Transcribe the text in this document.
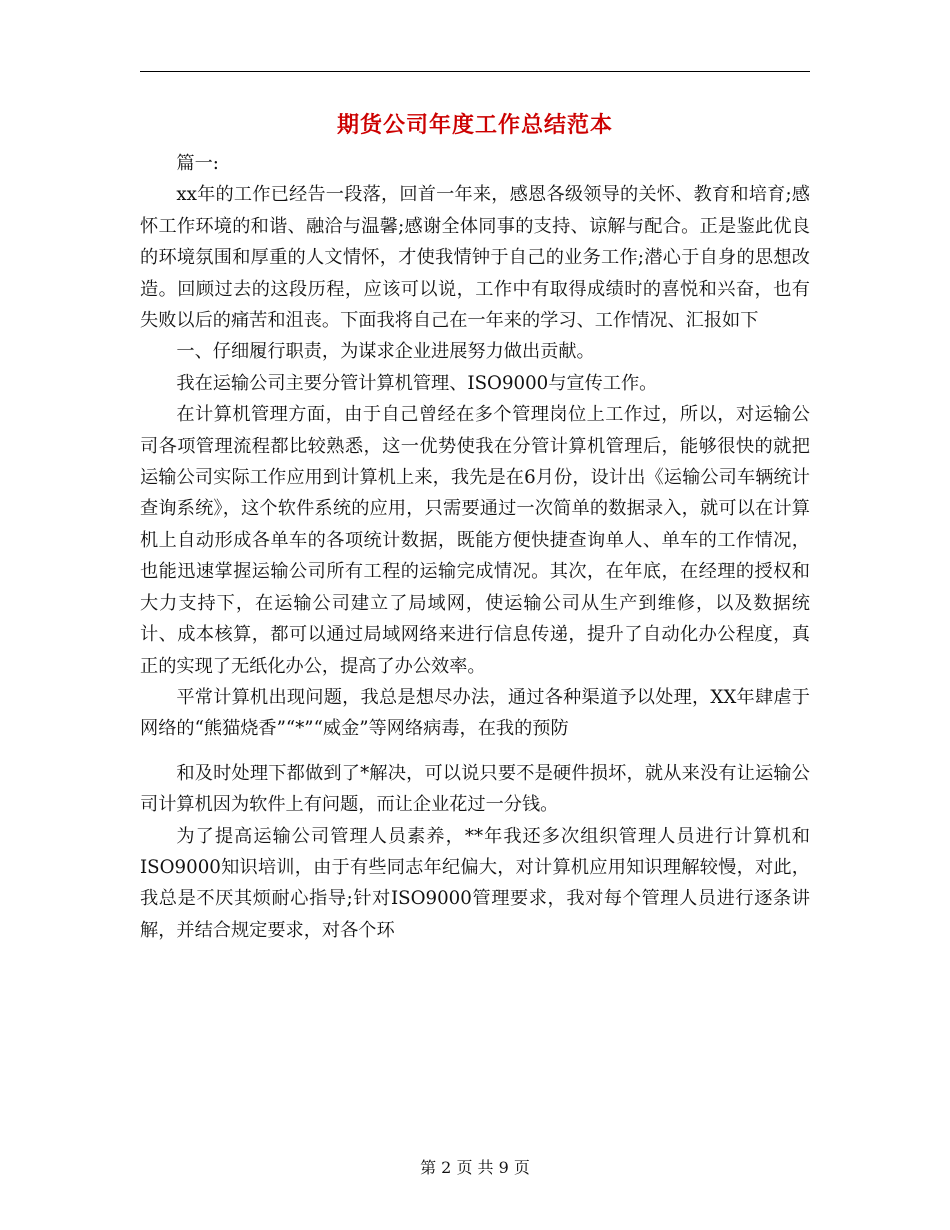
期货公司年度工作总结范本

篇一:

xx年的工作已经告一段落，回首一年来，感恩各级领导的关怀、教育和培育;感怀工作环境的和谐、融洽与温馨;感谢全体同事的支持、谅解与配合。正是鉴此优良的环境氛围和厚重的人文情怀，才使我情钟于自己的业务工作;潜心于自身的思想改造。回顾过去的这段历程，应该可以说，工作中有取得成绩时的喜悦和兴奋，也有失败以后的痛苦和沮丧。下面我将自己在一年来的学习、工作情况、汇报如下

一、仔细履行职责，为谋求企业进展努力做出贡献。

我在运输公司主要分管计算机管理、ISO9000与宣传工作。

在计算机管理方面，由于自己曾经在多个管理岗位上工作过，所以，对运输公司各项管理流程都比较熟悉，这一优势使我在分管计算机管理后，能够很快的就把运输公司实际工作应用到计算机上来，我先是在6月份，设计出《运输公司车辆统计查询系统》，这个软件系统的应用，只需要通过一次简单的数据录入，就可以在计算机上自动形成各单车的各项统计数据，既能方便快捷查询单人、单车的工作情况，也能迅速掌握运输公司所有工程的运输完成情况。其次，在年底，在经理的授权和大力支持下，在运输公司建立了局域网，使运输公司从生产到维修，以及数据统计、成本核算，都可以通过局域网络来进行信息传递，提升了自动化办公程度，真正的实现了无纸化办公，提高了办公效率。

平常计算机出现问题，我总是想尽办法，通过各种渠道予以处理，XX年肆虐于网络的“熊猫烧香”“*”“威金”等网络病毒，在我的预防

和及时处理下都做到了*解决，可以说只要不是硬件损坏，就从来没有让运输公司计算机因为软件上有问题，而让企业花过一分钱。

为了提高运输公司管理人员素养，**年我还多次组织管理人员进行计算机和ISO9000知识培训，由于有些同志年纪偏大，对计算机应用知识理解较慢，对此，我总是不厌其烦耐心指导;针对ISO9000管理要求，我对每个管理人员进行逐条讲解，并结合规定要求，对各个环

第 2 页 共 9 页
